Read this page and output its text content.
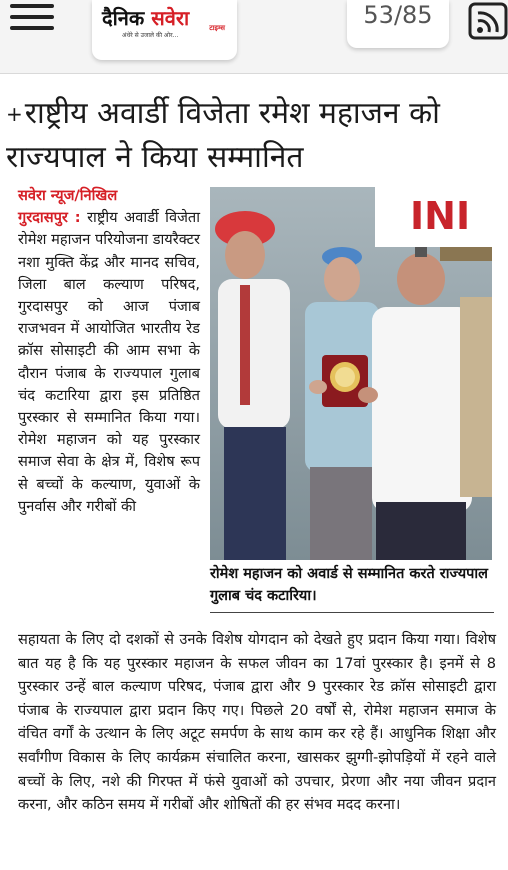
दैनिक सवेरा	टाइम्स
अंधेरे से उजाले की ओर...
53/85
+राष्ट्रीय अवार्डी विजेता रमेश महाजन को राज्यपाल ने किया सम्मानित
सवेरा न्यूज/निखिल
गुरदासपुर : राष्ट्रीय अवार्डी विजेता रोमेश महाजन परियोजना डायरैक्टर नशा मुक्ति केंद्र और मानद सचिव, जिला बाल कल्याण परिषद, गुरदासपुर को आज पंजाब राजभवन में आयोजित भारतीय रेड क्रॉस सोसाइटी की आम सभा के दौरान पंजाब के राज्यपाल गुलाब चंद कटारिया द्वारा इस प्रतिष्ठित पुरस्कार से सम्मानित किया गया। रोमेश महाजन को यह पुरस्कार समाज सेवा के क्षेत्र में, विशेष रूप से बच्चों के कल्याण, युवाओं के पुनर्वास और गरीबों की
INI
रोमेश महाजन को अवार्ड से सम्मानित करते राज्यपाल गुलाब चंद कटारिया।
सहायता के लिए दो दशकों से उनके विशेष योगदान को देखते हुए प्रदान किया गया। विशेष बात यह है कि यह पुरस्कार महाजन के सफल जीवन का 17वां पुरस्कार है। इनमें से 8 पुरस्कार उन्हें बाल कल्याण परिषद, पंजाब द्वारा और 9 पुरस्कार रेड क्रॉस सोसाइटी द्वारा पंजाब के राज्यपाल द्वारा प्रदान किए गए। पिछले 20 वर्षों से, रोमेश महाजन समाज के वंचित वर्गों के उत्थान के लिए अटूट समर्पण के साथ काम कर रहे हैं। आधुनिक शिक्षा और सर्वांगीण विकास के लिए कार्यक्रम संचालित करना, खासकर झुग्गी-झोपड़ियों में रहने वाले बच्चों के लिए, नशे की गिरफ्त में फंसे युवाओं को उपचार, प्रेरणा और नया जीवन प्रदान करना, और कठिन समय में गरीबों और शोषितों की हर संभव मदद करना।
